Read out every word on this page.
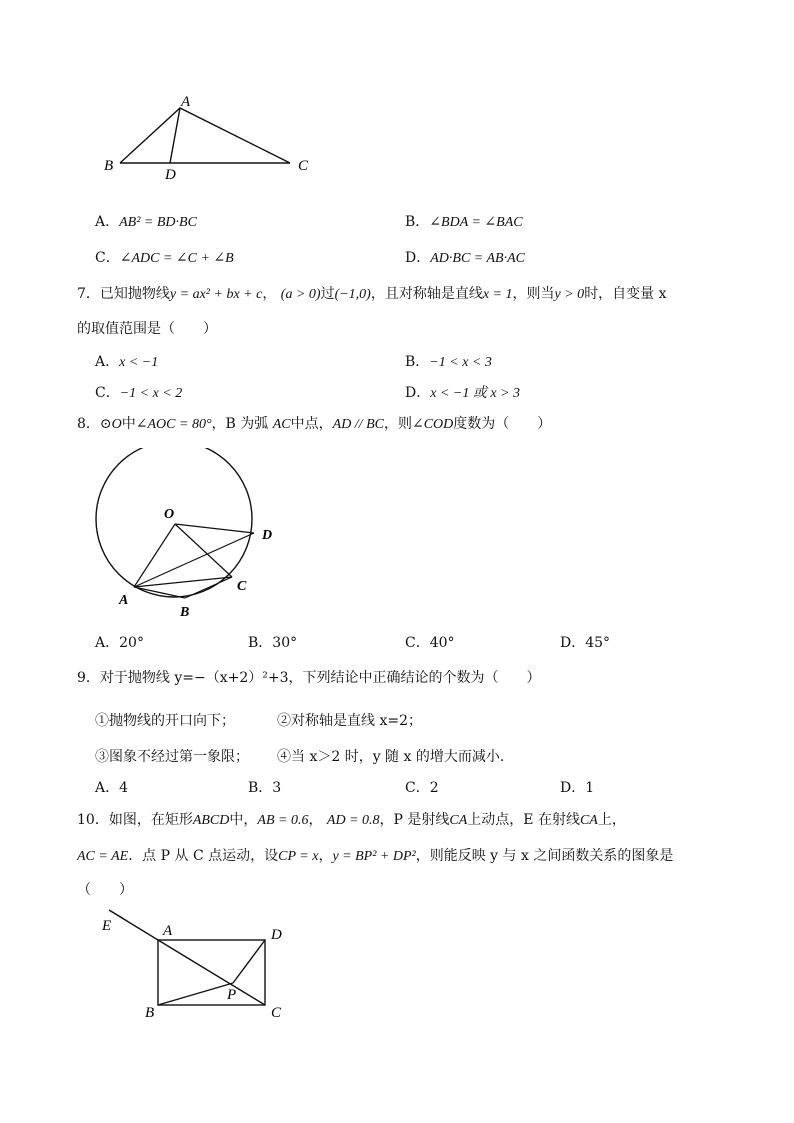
A
B
D
C
A．AB² = BD·BC	B．∠BDA = ∠BAC
C．∠ADC = ∠C + ∠B	D．AD·BC = AB·AC
7．已知抛物线y = ax² + bx + c， (a > 0)过(−1,0)，且对称轴是直线x = 1，则当y > 0时，自变量 x
的取值范围是（　　）
A．x < −1	B．−1 < x < 3
C．−1 < x < 2	D．x < −1 或 x > 3
8．⊙O中∠AOC = 80°，B 为弧 AC中点，AD // BC，则∠COD度数为（　　）
O
A
B
C
D
A．20°	B．30°	C．40°	D．45°
9．对于抛物线 y=−（x+2）²+3，下列结论中正确结论的个数为（　　）
①抛物线的开口向下；	②对称轴是直线 x=2；
③图象不经过第一象限； ④当 x＞2 时，y 随 x 的增大而减小．
A．4	B．3	C．2	D．1
10．如图，在矩形ABCD中，AB = 0.6， AD = 0.8，P 是射线CA上动点，E 在射线CA上，
AC = AE．点 P 从 C 点运动，设CP = x，y = BP² + DP²，则能反映 y 与 x 之间函数关系的图象是
（　　）
E	A	D
P
B	C
